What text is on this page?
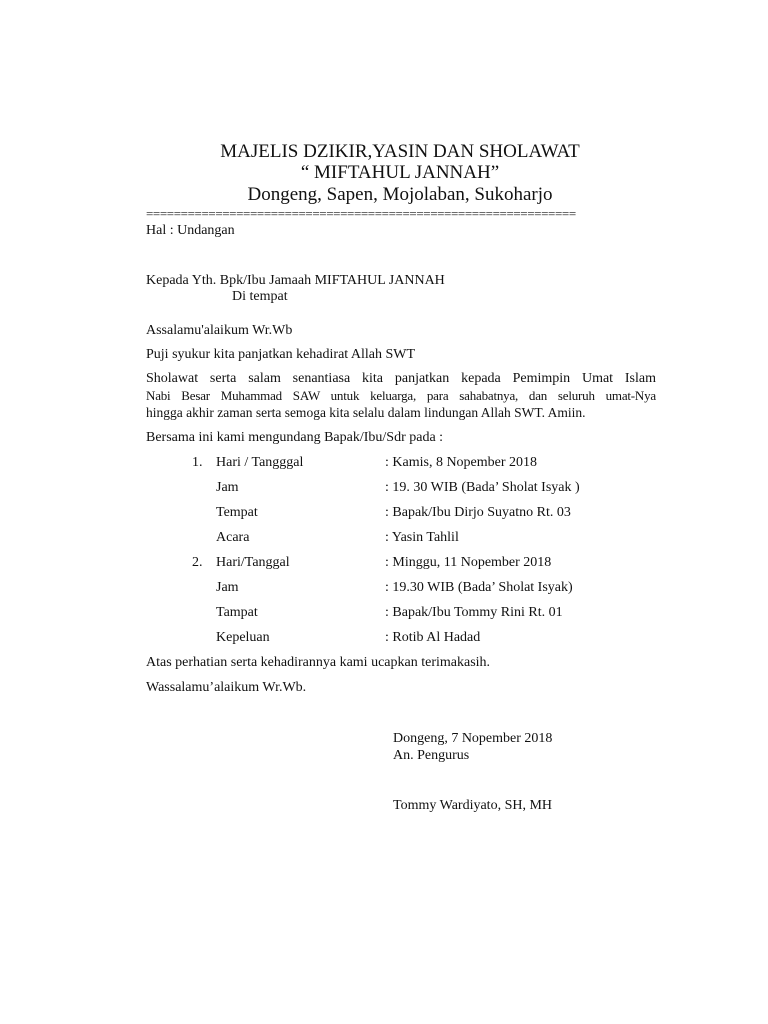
MAJELIS DZIKIR,YASIN DAN SHOLAWAT
“ MIFTAHUL JANNAH”
Dongeng, Sapen, Mojolaban, Sukoharjo
==============================================================
Hal : Undangan
Kepada Yth. Bpk/Ibu Jamaah MIFTAHUL JANNAH
Di tempat
Assalamu'alaikum Wr.Wb
Puji syukur kita panjatkan kehadirat Allah SWT
Sholawat serta salam senantiasa kita panjatkan kepada Pemimpin Umat Islam
Nabi Besar Muhammad SAW untuk keluarga, para sahabatnya, dan seluruh umat-Nya
hingga akhir zaman serta semoga kita selalu dalam lindungan Allah SWT. Amiin.
Bersama ini kami mengundang Bapak/Ibu/Sdr pada :
1. Hari / Tangggal	: Kamis, 8 Nopember 2018
Jam	: 19. 30 WIB (Bada’ Sholat Isyak )
Tempat	: Bapak/Ibu Dirjo Suyatno Rt. 03
Acara	: Yasin Tahlil
2. Hari/Tanggal	: Minggu, 11 Nopember 2018
Jam	: 19.30 WIB (Bada’ Sholat Isyak)
Tampat	: Bapak/Ibu Tommy Rini Rt. 01
Kepeluan	: Rotib Al Hadad
Atas perhatian serta kehadirannya kami ucapkan terimakasih.
Wassalamu’alaikum Wr.Wb.
Dongeng, 7 Nopember 2018
An. Pengurus
Tommy Wardiyato, SH, MH
